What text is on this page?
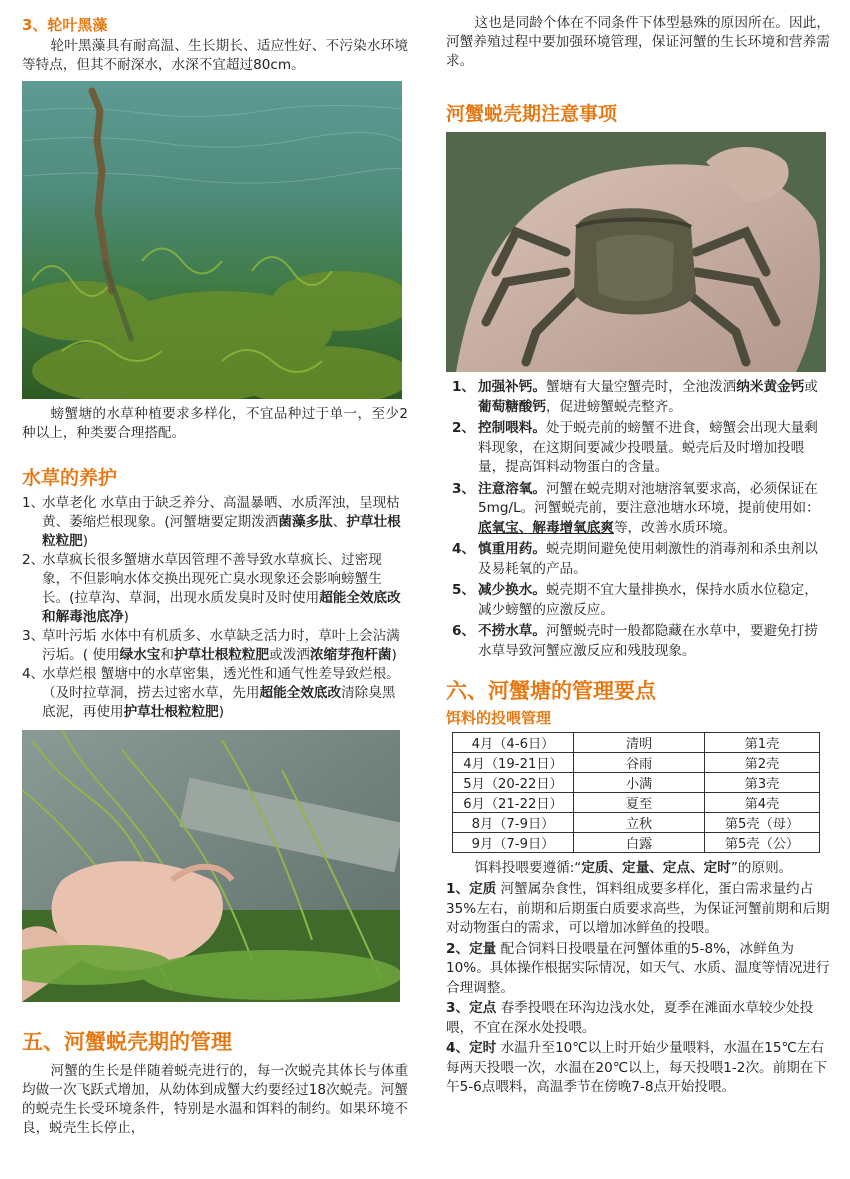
3、轮叶黑藻

轮叶黑藻具有耐高温、生长期长、适应性好、不污染水环境等特点，但其不耐深水，水深不宜超过80cm。

螃蟹塘的水草种植要求多样化，不宜品种过于单一，至少2种以上，种类要合理搭配。

水草的养护
1、
水草老化 水草由于缺乏养分、高温暴晒、水质浑浊，呈现枯黄、萎缩烂根现象。(河蟹塘要定期泼洒菌藻多肽、护草壮根粒粒肥)
2、
水草疯长很多蟹塘水草因管理不善导致水草疯长、过密现象，不但影响水体交换出现死亡臭水现象还会影响螃蟹生长。(拉草沟、草洞，出现水质发臭时及时使用超能全效底改和解毒池底净)
3、
草叶污垢 水体中有机质多、水草缺乏活力时，草叶上会沾满污垢。( 使用绿水宝和护草壮根粒粒肥或泼洒浓缩芽孢杆菌)
4、
水草烂根 蟹塘中的水草密集，透光性和通气性差导致烂根。（及时拉草洞，捞去过密水草，先用超能全效底改清除臭黑底泥，再使用护草壮根粒粒肥)
五、河蟹蜕壳期的管理

河蟹的生长是伴随着蜕壳进行的，每一次蜕壳其体长与体重均做一次飞跃式增加，从幼体到成蟹大约要经过18次蜕壳。河蟹的蜕壳生长受环境条件，特别是水温和饵料的制约。如果环境不良，蜕壳生长停止，

这也是同龄个体在不同条件下体型悬殊的原因所在。因此，河蟹养殖过程中要加强环境管理，保证河蟹的生长环境和营养需求。

河蟹蜕壳期注意事项
1、 加强补钙。蟹塘有大量空蟹壳时，全池泼洒纳米黄金钙或葡萄糖酸钙，促进螃蟹蜕壳整齐。
2、 控制喂料。处于蜕壳前的螃蟹不进食，螃蟹会出现大量剩料现象，在这期间要减少投喂量。蜕壳后及时增加投喂量，提高饵料动物蛋白的含量。
3、 注意溶氧。河蟹在蜕壳期对池塘溶氧要求高，必须保证在5mg/L。河蟹蜕壳前，要注意池塘水环境，提前使用如：底氧宝、解毒增氧底爽等，改善水质环境。
4、 慎重用药。蜕壳期间避免使用刺激性的消毒剂和杀虫剂以及易耗氧的产品。
5、 减少换水。蜕壳期不宜大量排换水，保持水质水位稳定，减少螃蟹的应激反应。
6、 不捞水草。河蟹蜕壳时一般都隐藏在水草中，要避免打捞水草导致河蟹应激反应和残肢现象。
六、河蟹塘的管理要点
饵料的投喂管理
4月（4-6日）	清明	第1壳
4月（19-21日）	谷雨	第2壳
5月（20-22日）	小满	第3壳
6月（21-22日）	夏至	第4壳
8月（7-9日）	立秋	第5壳（母）
9月（7-9日）	白露	第5壳（公）

饵料投喂要遵循:“定质、定量、定点、定时”的原则。

1、定质 河蟹属杂食性，饵料组成要多样化，蛋白需求量约占35%左右，前期和后期蛋白质要求高些，为保证河蟹前期和后期对动物蛋白的需求，可以增加冰鲜鱼的投喂。
2、定量 配合饲料日投喂量在河蟹体重的5-8%，冰鲜鱼为10%。具体操作根据实际情况，如天气、水质、温度等情况进行合理调整。
3、定点 春季投喂在环沟边浅水处，夏季在滩面水草较少处投喂，不宜在深水处投喂。
4、定时 水温升至10℃以上时开始少量喂料，水温在15℃左右每两天投喂一次，水温在20℃以上，每天投喂1-2次。前期在下午5-6点喂料，高温季节在傍晚7-8点开始投喂。
